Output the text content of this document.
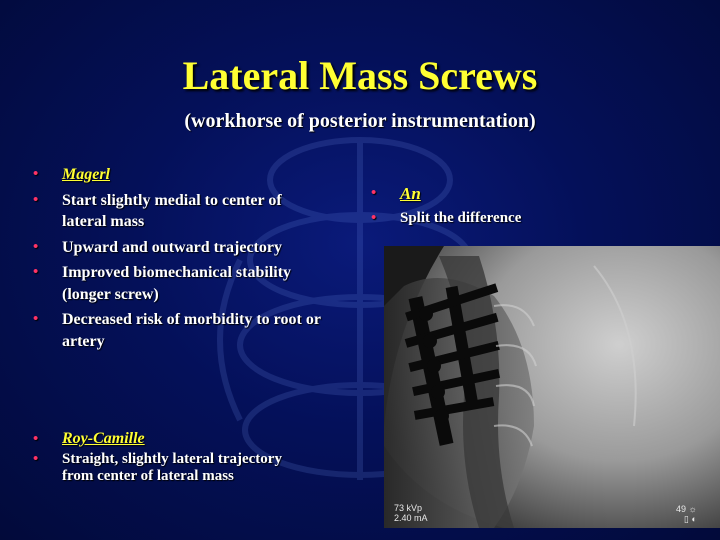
Lateral Mass Screws
(workhorse of posterior instrumentation)
• Magerl
• Start slightly medial to center of lateral mass
• Upward and outward trajectory
• Improved biomechanical stability (longer screw)
• Decreased risk of morbidity to root or artery
• Roy-Camille
• Straight, slightly lateral trajectory from center of lateral mass
• An
• Split the difference
73 kVp
2.40 mA
49 ☼
▯ ◐
